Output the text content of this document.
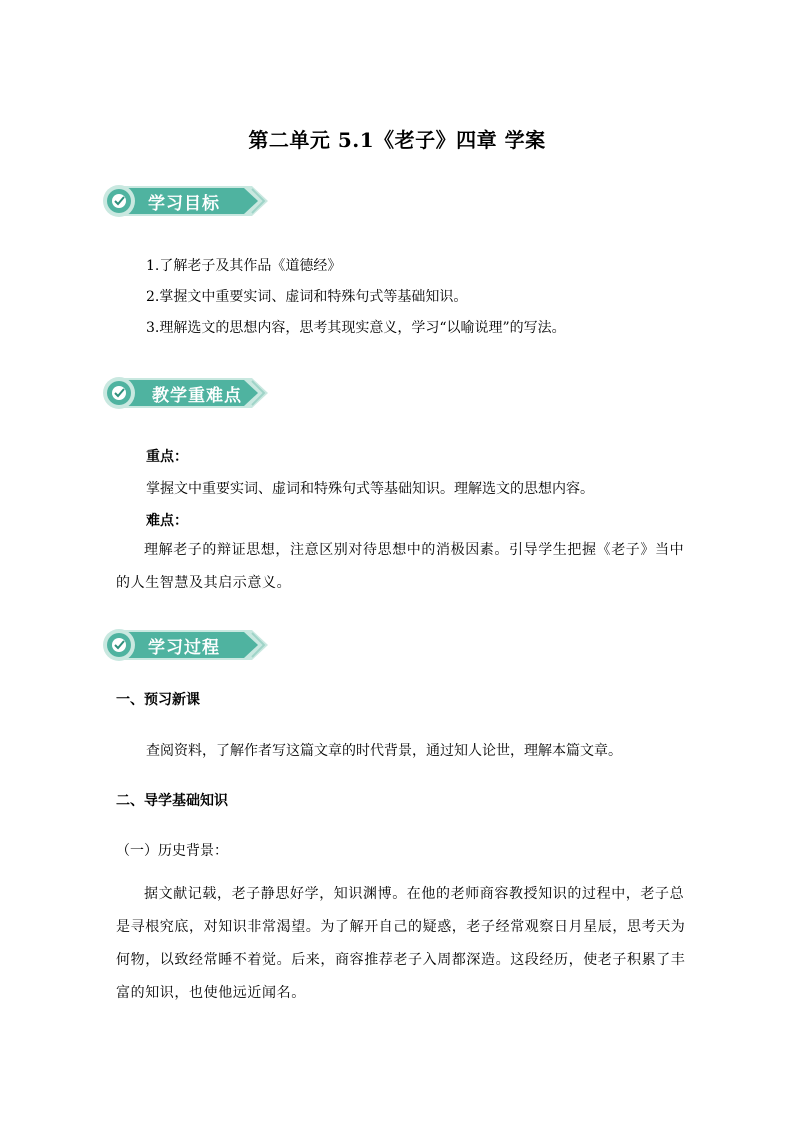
第二单元 5.1《老子》四章 学案
学习目标
1.了解老子及其作品《道德经》
2.掌握文中重要实词、虚词和特殊句式等基础知识。
3.理解选文的思想内容，思考其现实意义，学习“以喻说理”的写法。
教学重难点
重点：
掌握文中重要实词、虚词和特殊句式等基础知识。理解选文的思想内容。
难点：
理解老子的辩证思想，注意区别对待思想中的消极因素。引导学生把握《老子》当中的人生智慧及其启示意义。
学习过程
一、预习新课
查阅资料，了解作者写这篇文章的时代背景，通过知人论世，理解本篇文章。
二、导学基础知识
（一）历史背景：
据文献记载，老子静思好学，知识渊博。在他的老师商容教授知识的过程中，老子总是寻根究底，对知识非常渴望。为了解开自己的疑惑，老子经常观察日月星辰，思考天为何物，以致经常睡不着觉。后来，商容推荐老子入周都深造。这段经历，使老子积累了丰富的知识，也使他远近闻名。
